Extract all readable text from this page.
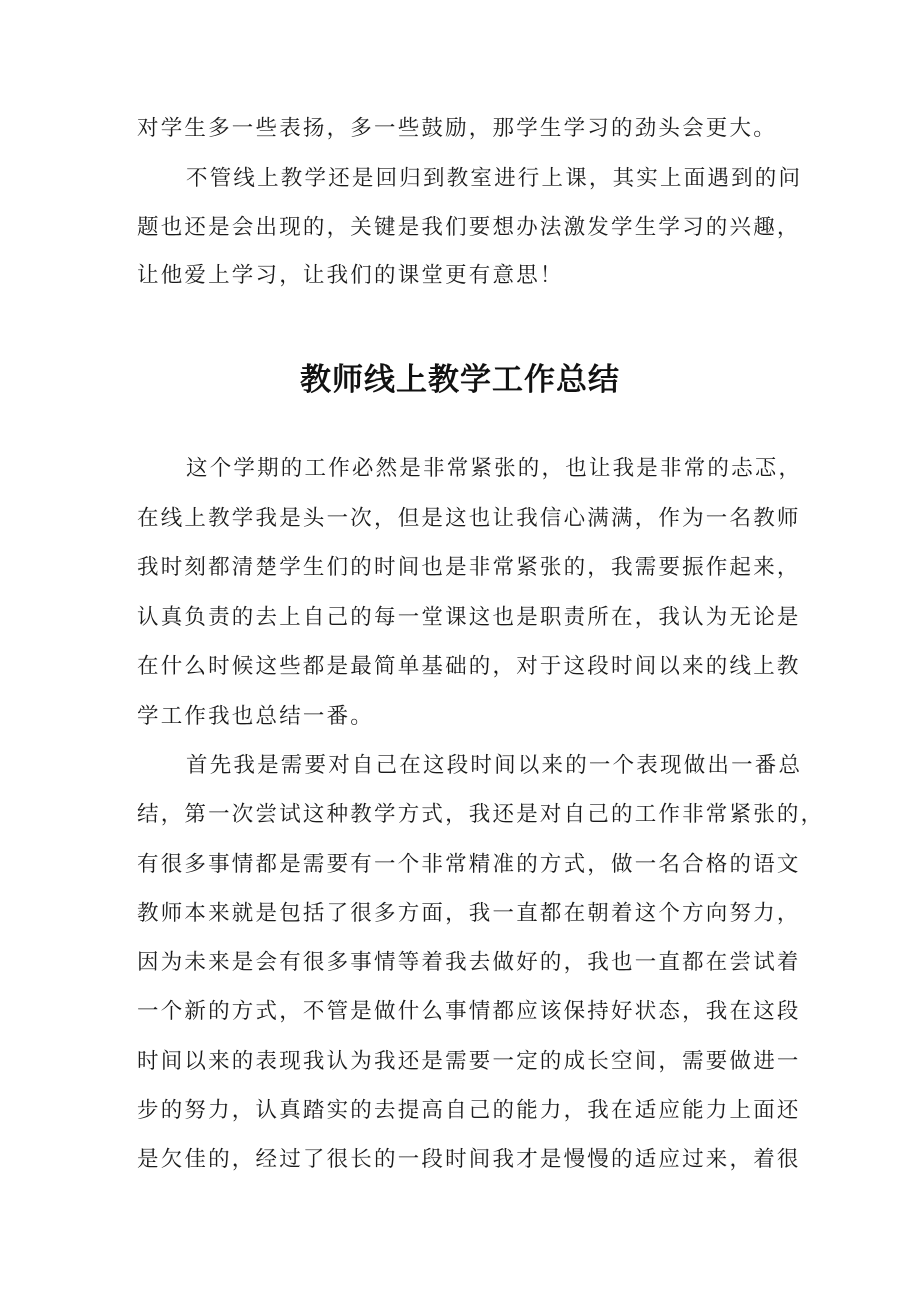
对学生多一些表扬，多一些鼓励，那学生学习的劲头会更大。
不管线上教学还是回归到教室进行上课，其实上面遇到的问
题也还是会出现的，关键是我们要想办法激发学生学习的兴趣，
让他爱上学习，让我们的课堂更有意思！
教师线上教学工作总结
这个学期的工作必然是非常紧张的，也让我是非常的忐忑，
在线上教学我是头一次，但是这也让我信心满满，作为一名教师
我时刻都清楚学生们的时间也是非常紧张的，我需要振作起来，
认真负责的去上自己的每一堂课这也是职责所在，我认为无论是
在什么时候这些都是最简单基础的，对于这段时间以来的线上教
学工作我也总结一番。
首先我是需要对自己在这段时间以来的一个表现做出一番总
结，第一次尝试这种教学方式，我还是对自己的工作非常紧张的，
有很多事情都是需要有一个非常精准的方式，做一名合格的语文
教师本来就是包括了很多方面，我一直都在朝着这个方向努力，
因为未来是会有很多事情等着我去做好的，我也一直都在尝试着
一个新的方式，不管是做什么事情都应该保持好状态，我在这段
时间以来的表现我认为我还是需要一定的成长空间，需要做进一
步的努力，认真踏实的去提高自己的能力，我在适应能力上面还
是欠佳的，经过了很长的一段时间我才是慢慢的适应过来，着很
